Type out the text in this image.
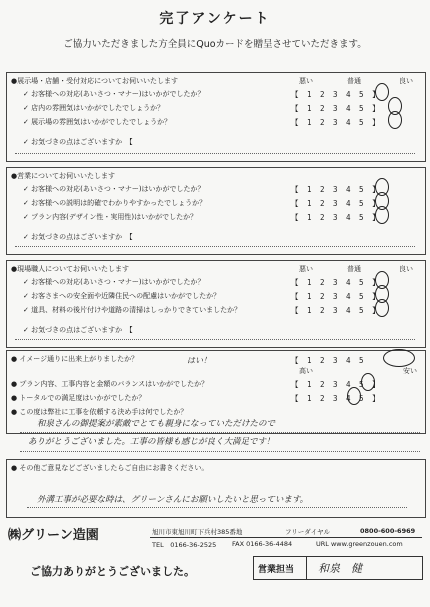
完了アンケート
ご協力いただきました方全員にQuoカードを贈呈させていただきます。
●展示場・店舗・受付対応についてお伺いいたします	悪い	普通	良い
✓ お客様への対応(あいさつ・マナー)はいかがでしたか？	【　1　2　3　4　5　】
✓ 店内の雰囲気はいかがでしたでしょうか？	【　1　2　3　4　5　】
✓ 展示場の雰囲気はいかがでしたでしょうか？	【　1　2　3　4　5　】
✓ お気づきの点はございますか　【
●営業についてお伺いいたします
✓ お客様への対応(あいさつ・マナー)はいかがでしたか？	【　1　2　3　4　5　】
✓ お客様への説明は的確でわかりやすかったでしょうか？	【　1　2　3　4　5　】
✓ プラン内容(デザイン性・実用性)はいかがでしたか？	【　1　2　3　4　5　】
✓ お気づきの点はございますか　【
●現場職人についてお伺いいたします	悪い	普通	良い
✓ お客様への対応(あいさつ・マナー)はいかがでしたか？	【　1　2　3　4　5　】
✓ お客さまへの安全面や近隣住民への配慮はいかがでしたか？	【　1　2　3　4　5　】
✓ 道具、材料の後片付けや道路の清掃はしっかりできていましたか？	【　1　2　3　4　5　】
✓ お気づきの点はございますか　【
● イメージ通りに出来上がりましたか？	はい！	【　1　2　3　4　5
高い	安い
● プラン内容、工事内容と金額のバランスはいかがでしたか？	【　1　2　3　4　5　】
● トータルでの満足度はいかがでしたか？	【　1　2　3　4　5　】
● この度は弊社に工事を依頼する決め手は何でしたか？
和泉さんの御提案が素敵でとても親身になっていただけたので
ありがとうございました。工事の皆様も感じが良く大満足です！
● その他ご意見などございましたらご自由にお書きください。
外溝工事が必要な時は、グリーンさんにお願いしたいと思っています。
㈱グリーン造園	旭川市東旭川町下兵村385番地	フリーダイヤル	0800-600-6969
TEL　0166-36-2525 FAX 0166-36-4484	URL www.greenzouen.com
ご協力ありがとうございました。	営業担当 和泉　健
